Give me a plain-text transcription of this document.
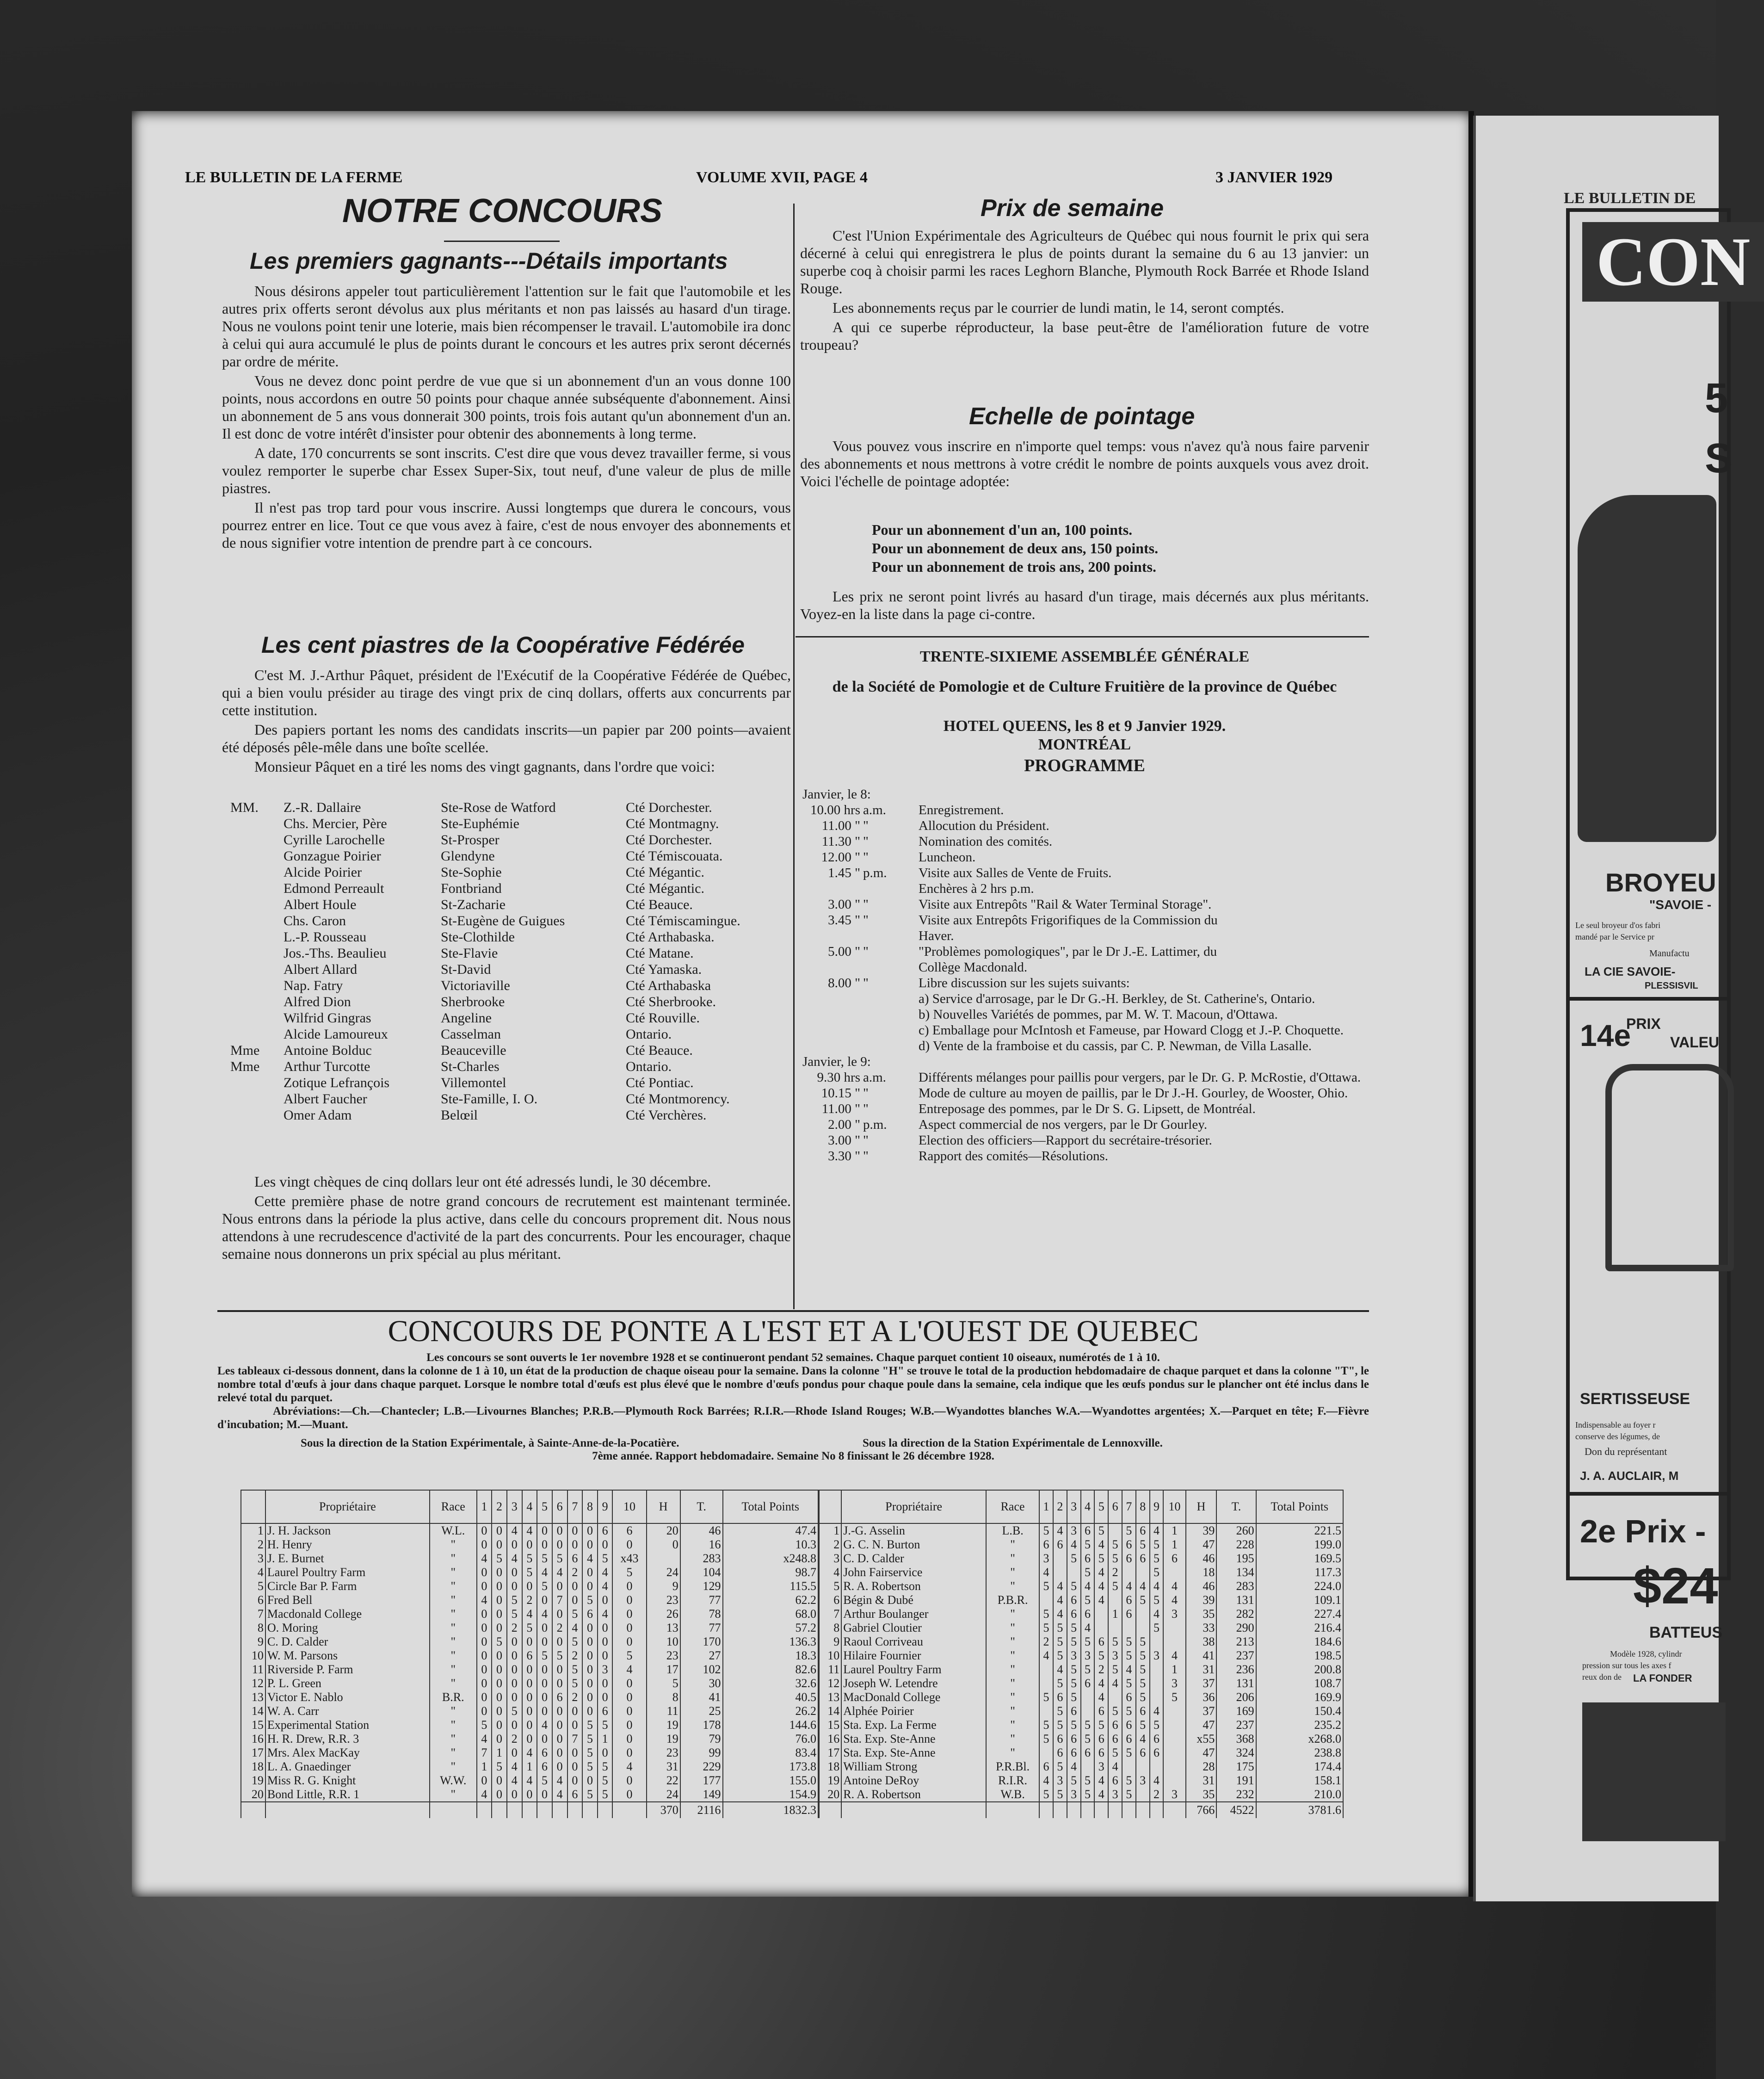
LE BULLETIN DE LA FERME	VOLUME XVII, PAGE 4	3 JANVIER 1929
NOTRE CONCOURS
Les premiers gagnants---Détails importants

Nous désirons appeler tout particulièrement l'attention sur le fait que l'automobile et les autres prix offerts seront dévolus aux plus méritants et non pas laissés au hasard d'un tirage. Nous ne voulons point tenir une loterie, mais bien récompenser le travail. L'automobile ira donc à celui qui aura accumulé le plus de points durant le concours et les autres prix seront décernés par ordre de mérite.

Vous ne devez donc point perdre de vue que si un abonnement d'un an vous donne 100 points, nous accordons en outre 50 points pour chaque année subséquente d'abonnement. Ainsi un abonnement de 5 ans vous donnerait 300 points, trois fois autant qu'un abonnement d'un an. Il est donc de votre intérêt d'insister pour obtenir des abonnements à long terme.

A date, 170 concurrents se sont inscrits. C'est dire que vous devez travailler ferme, si vous voulez remporter le superbe char Essex Super-Six, tout neuf, d'une valeur de plus de mille piastres.

Il n'est pas trop tard pour vous inscrire. Aussi longtemps que durera le concours, vous pourrez entrer en lice. Tout ce que vous avez à faire, c'est de nous envoyer des abonnements et de nous signifier votre intention de prendre part à ce concours.

Les cent piastres de la Coopérative Fédérée

C'est M. J.-Arthur Pâquet, président de l'Exécutif de la Coopérative Fédérée de Québec, qui a bien voulu présider au tirage des vingt prix de cinq dollars, offerts aux concurrents par cette institution.

Des papiers portant les noms des candidats inscrits—un papier par 200 points—avaient été déposés pêle-mêle dans une boîte scellée.

Monsieur Pâquet en a tiré les noms des vingt gagnants, dans l'ordre que voici:

MM.	Z.-R. Dallaire	Ste-Rose de Watford	Cté Dorchester.
Chs. Mercier, Père	Ste-Euphémie	Cté Montmagny.
Cyrille Larochelle	St-Prosper	Cté Dorchester.
Gonzague Poirier	Glendyne	Cté Témiscouata.
Alcide Poirier	Ste-Sophie	Cté Mégantic.
Edmond Perreault	Fontbriand	Cté Mégantic.
Albert Houle	St-Zacharie	Cté Beauce.
Chs. Caron	St-Eugène de Guigues	Cté Témiscamingue.
L.-P. Rousseau	Ste-Clothilde	Cté Arthabaska.
Jos.-Ths. Beaulieu	Ste-Flavie	Cté Matane.
Albert Allard	St-David	Cté Yamaska.
Nap. Fatry	Victoriaville	Cté Arthabaska
Alfred Dion	Sherbrooke	Cté Sherbrooke.
Wilfrid Gingras	Angeline	Cté Rouville.
Alcide Lamoureux	Casselman	Ontario.
Mme	Antoine Bolduc	Beauceville	Cté Beauce.
Mme	Arthur Turcotte	St-Charles	Ontario.
Zotique Lefrançois	Villemontel	Cté Pontiac.
Albert Faucher	Ste-Famille, I. O.	Cté Montmorency.
Omer Adam	Belœil	Cté Verchères.

Les vingt chèques de cinq dollars leur ont été adressés lundi, le 30 décembre.

Cette première phase de notre grand concours de recrutement est maintenant terminée. Nous entrons dans la période la plus active, dans celle du concours proprement dit. Nous nous attendons à une recrudescence d'activité de la part des concurrents. Pour les encourager, chaque semaine nous donnerons un prix spécial au plus méritant.

Prix de semaine

C'est l'Union Expérimentale des Agriculteurs de Québec qui nous fournit le prix qui sera décerné à celui qui enregistrera le plus de points durant la semaine du 6 au 13 janvier: un superbe coq à choisir parmi les races Leghorn Blanche, Plymouth Rock Barrée et Rhode Island Rouge.

Les abonnements reçus par le courrier de lundi matin, le 14, seront comptés.

A qui ce superbe réproducteur, la base peut-être de l'amélioration future de votre troupeau?

Echelle de pointage

Vous pouvez vous inscrire en n'importe quel temps: vous n'avez qu'à nous faire parvenir des abonnements et nous mettrons à votre crédit le nombre de points auxquels vous avez droit. Voici l'échelle de pointage adoptée:

Pour un abonnement d'un an, 100 points.
Pour un abonnement de deux ans, 150 points.
Pour un abonnement de trois ans, 200 points.

Les prix ne seront point livrés au hasard d'un tirage, mais décernés aux plus méritants. Voyez-en la liste dans la page ci-contre.

TRENTE-SIXIEME ASSEMBLÉE GÉNÉRALE
de la Société de Pomologie et de Culture Fruitière de la province de Québec
HOTEL QUEENS, les 8 et 9 Janvier 1929.
MONTRÉAL
PROGRAMME
Janvier, le 8:
10.00 hrs a.m.	Enregistrement.
11.00 " "	Allocution du Président.
11.30 " "	Nomination des comités.
12.00 " "	Luncheon.
1.45 " p.m.	Visite aux Salles de Vente de Fruits.
Enchères à 2 hrs p.m.
3.00 " "	Visite aux Entrepôts "Rail & Water Terminal Storage".
3.45 " "	Visite aux Entrepôts Frigorifiques de la Commission du
Haver.
5.00 " "	"Problèmes pomologiques", par le Dr J.-E. Lattimer, du
Collège Macdonald.
8.00 " "	Libre discussion sur les sujets suivants:
a) Service d'arrosage, par le Dr G.-H. Berkley, de St. Catherine's, Ontario.
b) Nouvelles Variétés de pommes, par M. W. T. Macoun, d'Ottawa.
c) Emballage pour McIntosh et Fameuse, par Howard Clogg et J.-P. Choquette.
d) Vente de la framboise et du cassis, par C. P. Newman, de Villa Lasalle.
Janvier, le 9:
9.30 hrs a.m.	Différents mélanges pour paillis pour vergers, par le Dr. G. P. McRostie, d'Ottawa.
10.15 " "	Mode de culture au moyen de paillis, par le Dr J.-H. Gourley, de Wooster, Ohio.
11.00 " "	Entreposage des pommes, par le Dr S. G. Lipsett, de Montréal.
2.00 " p.m.	Aspect commercial de nos vergers, par le Dr Gourley.
3.00 " "	Election des officiers—Rapport du secrétaire-trésorier.
3.30 " "	Rapport des comités—Résolutions.
CONCOURS DE PONTE A L'EST ET A L'OUEST DE QUEBEC
Les concours se sont ouverts le 1er novembre 1928 et se continueront pendant 52 semaines. Chaque parquet contient 10 oiseaux, numérotés de 1 à 10.
Les tableaux ci-dessous donnent, dans la colonne de 1 à 10, un état de la production de chaque oiseau pour la semaine. Dans la colonne "H" se trouve le total de la production hebdomadaire de chaque parquet et dans la colonne "T", le nombre total d'œufs à jour dans chaque parquet. Lorsque le nombre total d'œufs est plus élevé que le nombre d'œufs pondus pour chaque poule dans la semaine, cela indique que les œufs pondus sur le plancher ont été inclus dans le relevé total du parquet.
Abréviations:—Ch.—Chantecler; L.B.—Livournes Blanches; P.R.B.—Plymouth Rock Barrées; R.I.R.—Rhode Island Rouges; W.B.—Wyandottes blanches W.A.—Wyandottes argentées; X.—Parquet en tête; F.—Fièvre d'incubation; M.—Muant.
Sous la direction de la Station Expérimentale, à Sainte-Anne-de-la-Pocatière.	Sous la direction de la Station Expérimentale de Lennoxville.
7ème année. Rapport hebdomadaire. Semaine No 8 finissant le 26 décembre 1928.
	Propriétaire	Race	1	2	3	4	5	6	7	8	9	10	H	T.	Total Points
1	J. H. Jackson	W.L.	0	0	4	4	0	0	0	0	6	6	20	46	47.4
2	H. Henry	"	0	0	0	0	0	0	0	0	0	0	0	16	10.3
3	J. E. Burnet	"	4	5	4	5	5	5	6	4	5	x43		283	x248.8
4	Laurel Poultry Farm	"	0	0	0	5	4	4	2	0	4	5	24	104	98.7
5	Circle Bar P. Farm	"	0	0	0	0	5	0	0	0	4	0	9	129	115.5
6	Fred Bell	"	4	0	5	2	0	7	0	5	0	0	23	77	62.2
7	Macdonald College	"	0	0	5	4	4	0	5	6	4	0	26	78	68.0
8	O. Moring	"	0	0	2	5	0	2	4	0	0	0	13	77	57.2
9	C. D. Calder	"	0	5	0	0	0	0	5	0	0	0	10	170	136.3
10	W. M. Parsons	"	0	0	0	6	5	5	2	0	0	5	23	27	18.3
11	Riverside P. Farm	"	0	0	0	0	0	0	5	0	3	4	17	102	82.6
12	P. L. Green	"	0	0	0	0	0	0	5	0	0	0	5	30	32.6
13	Victor E. Nablo	B.R.	0	0	0	0	0	6	2	0	0	0	8	41	40.5
14	W. A. Carr	"	0	0	5	0	0	0	0	0	6	0	11	25	26.2
15	Experimental Station	"	5	0	0	0	4	0	0	5	5	0	19	178	144.6
16	H. R. Drew, R.R. 3	"	4	0	2	0	0	0	7	5	1	0	19	79	76.0
17	Mrs. Alex MacKay	"	7	1	0	4	6	0	0	5	0	0	23	99	83.4
18	L. A. Gnaedinger	"	1	5	4	1	6	0	0	5	5	4	31	229	173.8
19	Miss R. G. Knight	W.W.	0	0	4	4	5	4	0	0	5	0	22	177	155.0
20	Bond Little, R.R. 1	"	4	0	0	0	0	4	6	5	5	0	24	149	154.9
													370	2116	1832.3
	Propriétaire	Race	1	2	3	4	5	6	7	8	9	10	H	T.	Total Points
1	J.-G. Asselin	L.B.	5	4	3	6	5		5	6	4	1	39	260	221.5
2	G. C. N. Burton	"	6	6	4	5	4	5	6	5	5	1	47	228	199.0
3	C. D. Calder	"	3		5	6	5	5	6	6	5	6	46	195	169.5
4	John Fairservice	"	4			5	4	2			5		18	134	117.3
5	R. A. Robertson	"	5	4	5	4	4	5	4	4	4	4	46	283	224.0
6	Bégin & Dubé	P.B.R.		4	6	5	4		6	5	5	4	39	131	109.1
7	Arthur Boulanger	"	5	4	6	6		1	6		4	3	35	282	227.4
8	Gabriel Cloutier	"	5	5	5	4					5		33	290	216.4
9	Raoul Corriveau	"	2	5	5	5	6	5	5	5			38	213	184.6
10	Hilaire Fournier	"	4	5	3	3	5	3	5	5	3	4	41	237	198.5
11	Laurel Poultry Farm	"		4	5	5	2	5	4	5		1	31	236	200.8
12	Joseph W. Letendre	"		5	5	6	4	4	5	5		3	37	131	108.7
13	MacDonald College	"	5	6	5		4		6	5		5	36	206	169.9
14	Alphée Poirier	"		5	6		6	5	5	6	4		37	169	150.4
15	Sta. Exp. La Ferme	"	5	5	5	5	5	6	6	5	5		47	237	235.2
16	Sta. Exp. Ste-Anne	"	5	6	6	5	6	6	6	4	6		x55	368	x268.0
17	Sta. Exp. Ste-Anne	"		6	6	6	6	5	5	6	6		47	324	238.8
18	William Strong	P.R.Bl.	6	5	4		3	4					28	175	174.4
19	Antoine DeRoy	R.I.R.	4	3	5	5	4	6	5	3	4		31	191	158.1
20	R. A. Robertson	W.B.	5	5	3	5	4	3	5		2	3	35	232	210.0
													766	4522	3781.6
LE BULLETIN DE
CON
5
S
BROYEU
"SAVOIE -
Le seul broyeur d'os fabri
mandé par le Service pr
Manufactu
LA CIE SAVOIE-
PLESSISVIL
14e
PRIX
VALEU
SERTISSEUSE
Indispensable au foyer r
conserve des légumes, de
Don du représentant
J. A. AUCLAIR, M
2e Prix -
$24
BATTEUS
Modèle 1928, cylindr
pression sur tous les axes f
reux don de LA FONDER
